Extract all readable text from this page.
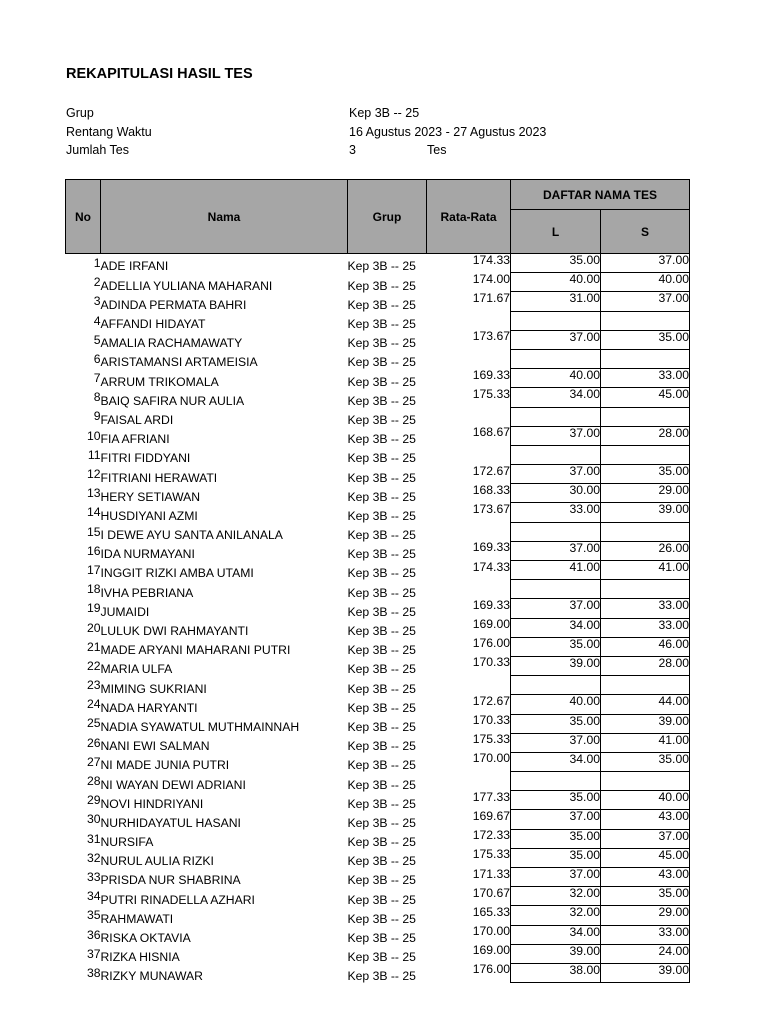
REKAPITULASI HASIL TES
Grup	Kep 3B -- 25
Rentang Waktu	16 Agustus 2023 - 27 Agustus 2023
Jumlah Tes	3	Tes
No	Nama	Grup	Rata-Rata	DAFTAR NAMA TES	
				L	S
1	ADE IRFANI	Kep 3B -- 25	174.33	35.00	37.00
2	ADELLIA YULIANA MAHARANI	Kep 3B -- 25	174.00	40.00	40.00
3	ADINDA PERMATA BAHRI	Kep 3B -- 25	171.67	31.00	37.00
4	AFFANDI HIDAYAT	Kep 3B -- 25			
5	AMALIA RACHAMAWATY	Kep 3B -- 25	173.67	37.00	35.00
6	ARISTAMANSI ARTAMEISIA	Kep 3B -- 25			
7	ARRUM TRIKOMALA	Kep 3B -- 25	169.33	40.00	33.00
8	BAIQ SAFIRA NUR AULIA	Kep 3B -- 25	175.33	34.00	45.00
9	FAISAL ARDI	Kep 3B -- 25			
10	FIA AFRIANI	Kep 3B -- 25	168.67	37.00	28.00
11	FITRI FIDDYANI	Kep 3B -- 25			
12	FITRIANI HERAWATI	Kep 3B -- 25	172.67	37.00	35.00
13	HERY SETIAWAN	Kep 3B -- 25	168.33	30.00	29.00
14	HUSDIYANI AZMI	Kep 3B -- 25	173.67	33.00	39.00
15	I DEWE AYU SANTA ANILANALA	Kep 3B -- 25			
16	IDA NURMAYANI	Kep 3B -- 25	169.33	37.00	26.00
17	INGGIT RIZKI AMBA UTAMI	Kep 3B -- 25	174.33	41.00	41.00
18	IVHA PEBRIANA	Kep 3B -- 25			
19	JUMAIDI	Kep 3B -- 25	169.33	37.00	33.00
20	LULUK DWI RAHMAYANTI	Kep 3B -- 25	169.00	34.00	33.00
21	MADE ARYANI MAHARANI PUTRI	Kep 3B -- 25	176.00	35.00	46.00
22	MARIA ULFA	Kep 3B -- 25	170.33	39.00	28.00
23	MIMING SUKRIANI	Kep 3B -- 25			
24	NADA HARYANTI	Kep 3B -- 25	172.67	40.00	44.00
25	NADIA SYAWATUL MUTHMAINNAH	Kep 3B -- 25	170.33	35.00	39.00
26	NANI EWI SALMAN	Kep 3B -- 25	175.33	37.00	41.00
27	NI MADE JUNIA PUTRI	Kep 3B -- 25	170.00	34.00	35.00
28	NI WAYAN DEWI ADRIANI	Kep 3B -- 25			
29	NOVI HINDRIYANI	Kep 3B -- 25	177.33	35.00	40.00
30	NURHIDAYATUL HASANI	Kep 3B -- 25	169.67	37.00	43.00
31	NURSIFA	Kep 3B -- 25	172.33	35.00	37.00
32	NURUL AULIA RIZKI	Kep 3B -- 25	175.33	35.00	45.00
33	PRISDA NUR SHABRINA	Kep 3B -- 25	171.33	37.00	43.00
34	PUTRI RINADELLA AZHARI	Kep 3B -- 25	170.67	32.00	35.00
35	RAHMAWATI	Kep 3B -- 25	165.33	32.00	29.00
36	RISKA OKTAVIA	Kep 3B -- 25	170.00	34.00	33.00
37	RIZKA HISNIA	Kep 3B -- 25	169.00	39.00	24.00
38	RIZKY MUNAWAR	Kep 3B -- 25	176.00	38.00	39.00
